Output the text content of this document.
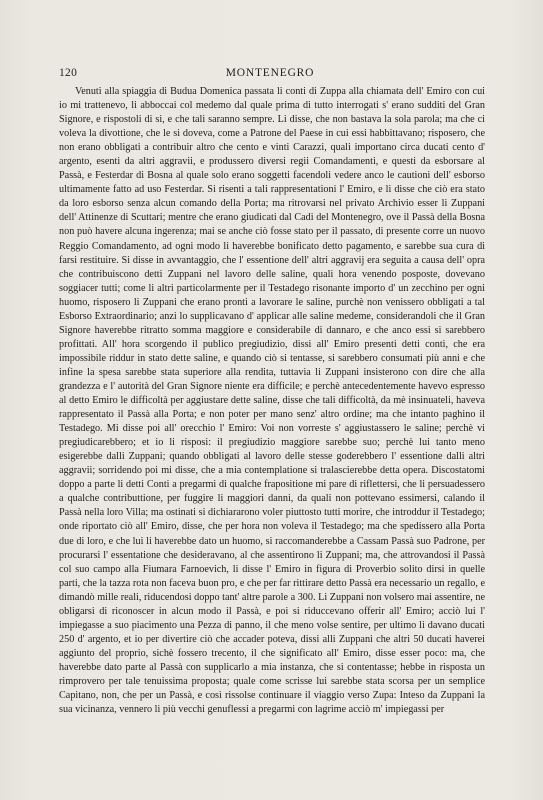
120	MONTENEGRO

Venuti alla spiaggia di Budua Domenica passata li conti di Zuppa alla chiamata dell' Emiro con cui io mi trattenevo, li abboccai col medemo dal quale prima di tutto interrogati s' erano sudditi del Gran Signore, e rispostoli di si, e che tali saranno sempre. Li disse, che non bastava la sola parola; ma che ci voleva la divottione, che le si doveva, come a Patrone del Paese in cui essi habbittavano; risposero, che non erano obbligati a contribuir altro che cento e vinti Carazzi, quali importano circa ducati cento d' argento, esenti da altri aggravii, e produssero diversi regii Comandamenti, e questi da esborsare al Passà, e Festerdar di Bosna al quale solo erano soggetti facendoli vedere anco le cautioni dell' esborso ultimamente fatto ad uso Festerdar. Si risenti a tali rappresentationi l' Emiro, e li disse che ciò era stato da loro esborso senza alcun comando della Porta; ma ritrovarsi nel privato Archivio esser li Zuppani dell' Attinenze di Scuttari; mentre che erano giudicati dal Cadi del Montenegro, ove il Passà della Bosna non può havere alcuna ingerenza; mai se anche ciò fosse stato per il passato, di presente corre un nuovo Reggio Comandamento, ad ogni modo li haverebbe bonificato detto pagamento, e sarebbe sua cura di farsi restituire. Si disse in avvantaggio, che l' essentione dell' altri aggravij era seguita a causa dell' opra che contribuiscono detti Zuppani nel lavoro delle saline, quali hora venendo posposte, dovevano soggiacer tutti; come li altri particolarmente per il Testadego risonante importo d' un zecchino per ogni huomo, risposero li Zuppani che erano pronti a lavorare le saline, purchè non venissero obbligati a tal Esborso Extraordinario; anzi lo supplicavano d' applicar alle saline medeme, considerandoli che il Gran Signore haverebbe ritratto somma maggiore e considerabile di dannaro, e che anco essi si sarebbero profittati. All' hora scorgendo il publico pregiudizio, dissi all' Emiro presenti detti conti, che era impossibile riddur in stato dette saline, e quando ciò si tentasse, si sarebbero consumati più anni e che infine la spesa sarebbe stata superiore alla rendita, tuttavia li Zuppani insisterono con dire che alla grandezza e l' autorità del Gran Signore niente era difficile; e perchè antecedentemente havevo espresso al detto Emiro le difficoltà per aggiustare dette saline, disse che tali difficoltà, da mè insinuateli, haveva rappresentato il Passà alla Porta; e non poter per mano senz' altro ordine; ma che intanto paghino il Testadego. Mi disse poi all' orecchio l' Emiro: Voi non vorreste s' aggiustassero le saline; perchè vi pregiudicarebbero; et io li risposi: il pregiudizio maggiore sarebbe suo; perchè lui tanto meno esigerebbe dalli Zuppani; quando obbligati al lavoro delle stesse goderebbero l' essentione dalli altri aggravii; sorridendo poi mi disse, che a mia contemplatione si tralascierebbe detta opera. Discostatomi doppo a parte li detti Conti a pregarmi di qualche frapositione mi pare di riflettersi, che li persuadessero a qualche contributtione, per fuggire li maggiori danni, da quali non pottevano essimersi, calando il Passà nella loro Villa; ma ostinati si dichiararono voler piuttosto tutti morire, che introddur il Testadego; onde riportato ciò all' Emiro, disse, che per hora non voleva il Testadego; ma che spedissero alla Porta due di loro, e che lui li haverebbe dato un huomo, si raccomanderebbe a Cassam Passà suo Padrone, per procurarsi l' essentatione che desideravano, al che assentirono li Zuppani; ma, che attrovandosi il Passà col suo campo alla Fiumara Farnoevich, li disse l' Emiro in figura di Proverbio solito dirsi in quelle parti, che la tazza rota non faceva buon pro, e che per far rittirare detto Passà era necessario un regallo, e dimandò mille reali, riducendosi doppo tant' altre parole a 300. Li Zuppani non volsero mai assentire, ne obligarsi di riconoscer in alcun modo il Passà, e poi si riduccevano offerir all' Emiro; acciò lui l' impiegasse a suo piacimento una Pezza di panno, il che meno volse sentire, per ultimo li davano ducati 250 d' argento, et io per divertire ciò che accader poteva, dissi alli Zuppani che altri 50 ducati haverei aggiunto del proprio, sichè fossero trecento, il che significato all' Emiro, disse esser poco: ma, che haverebbe dato parte al Passà con supplicarlo a mia instanza, che si contentasse; hebbe in risposta un rimprovero per tale tenuissima proposta; quale come scrisse lui sarebbe stata scorsa per un semplice Capitano, non, che per un Passà, e così rissolse continuare il viaggio verso Zupa: Inteso da Zuppani la sua vicinanza, vennero li più vecchi genuflessi a pregarmi con lagrime acciò m' impiegassi per
